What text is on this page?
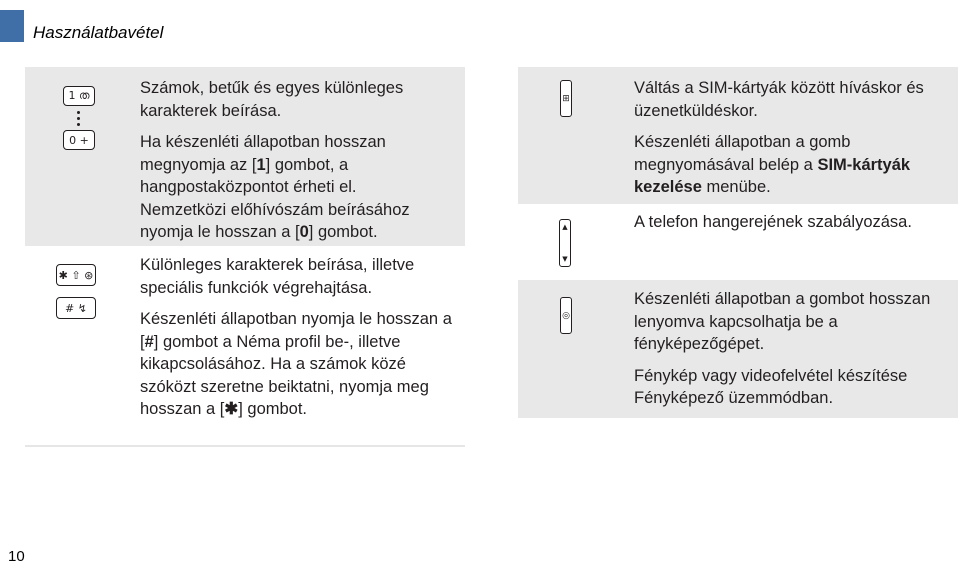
Használatbavétel
1 ത
0 +

Számok, betűk és egyes különleges karakterek beírása.

Ha készenléti állapotban hosszan megnyomja az [1] gombot, a hangpostaközpontot érheti el.
Nemzetközi előhívószám beírásához nyomja le hosszan a [0] gombot.

✱ ⇧ ⊛
# ↯

Különleges karakterek beírása, illetve speciális funkciók végrehajtása.

Készenléti állapotban nyomja le hosszan a [#] gombot a Néma profil be-, illetve kikapcsolásához. Ha a számok közé szóközt szeretne beiktatni, nyomja meg hosszan a [✱] gombot.

⊞

Váltás a SIM-kártyák között híváskor és üzenetküldéskor.

Készenléti állapotban a gomb megnyomásával belép a SIM-kártyák kezelése menübe.

▲
▼

A telefon hangerejének szabályozása.

◎

Készenléti állapotban a gombot hosszan lenyomva kapcsolhatja be a fényképezőgépet.

Fénykép vagy videofelvétel készítése Fényképező üzemmódban.

10
